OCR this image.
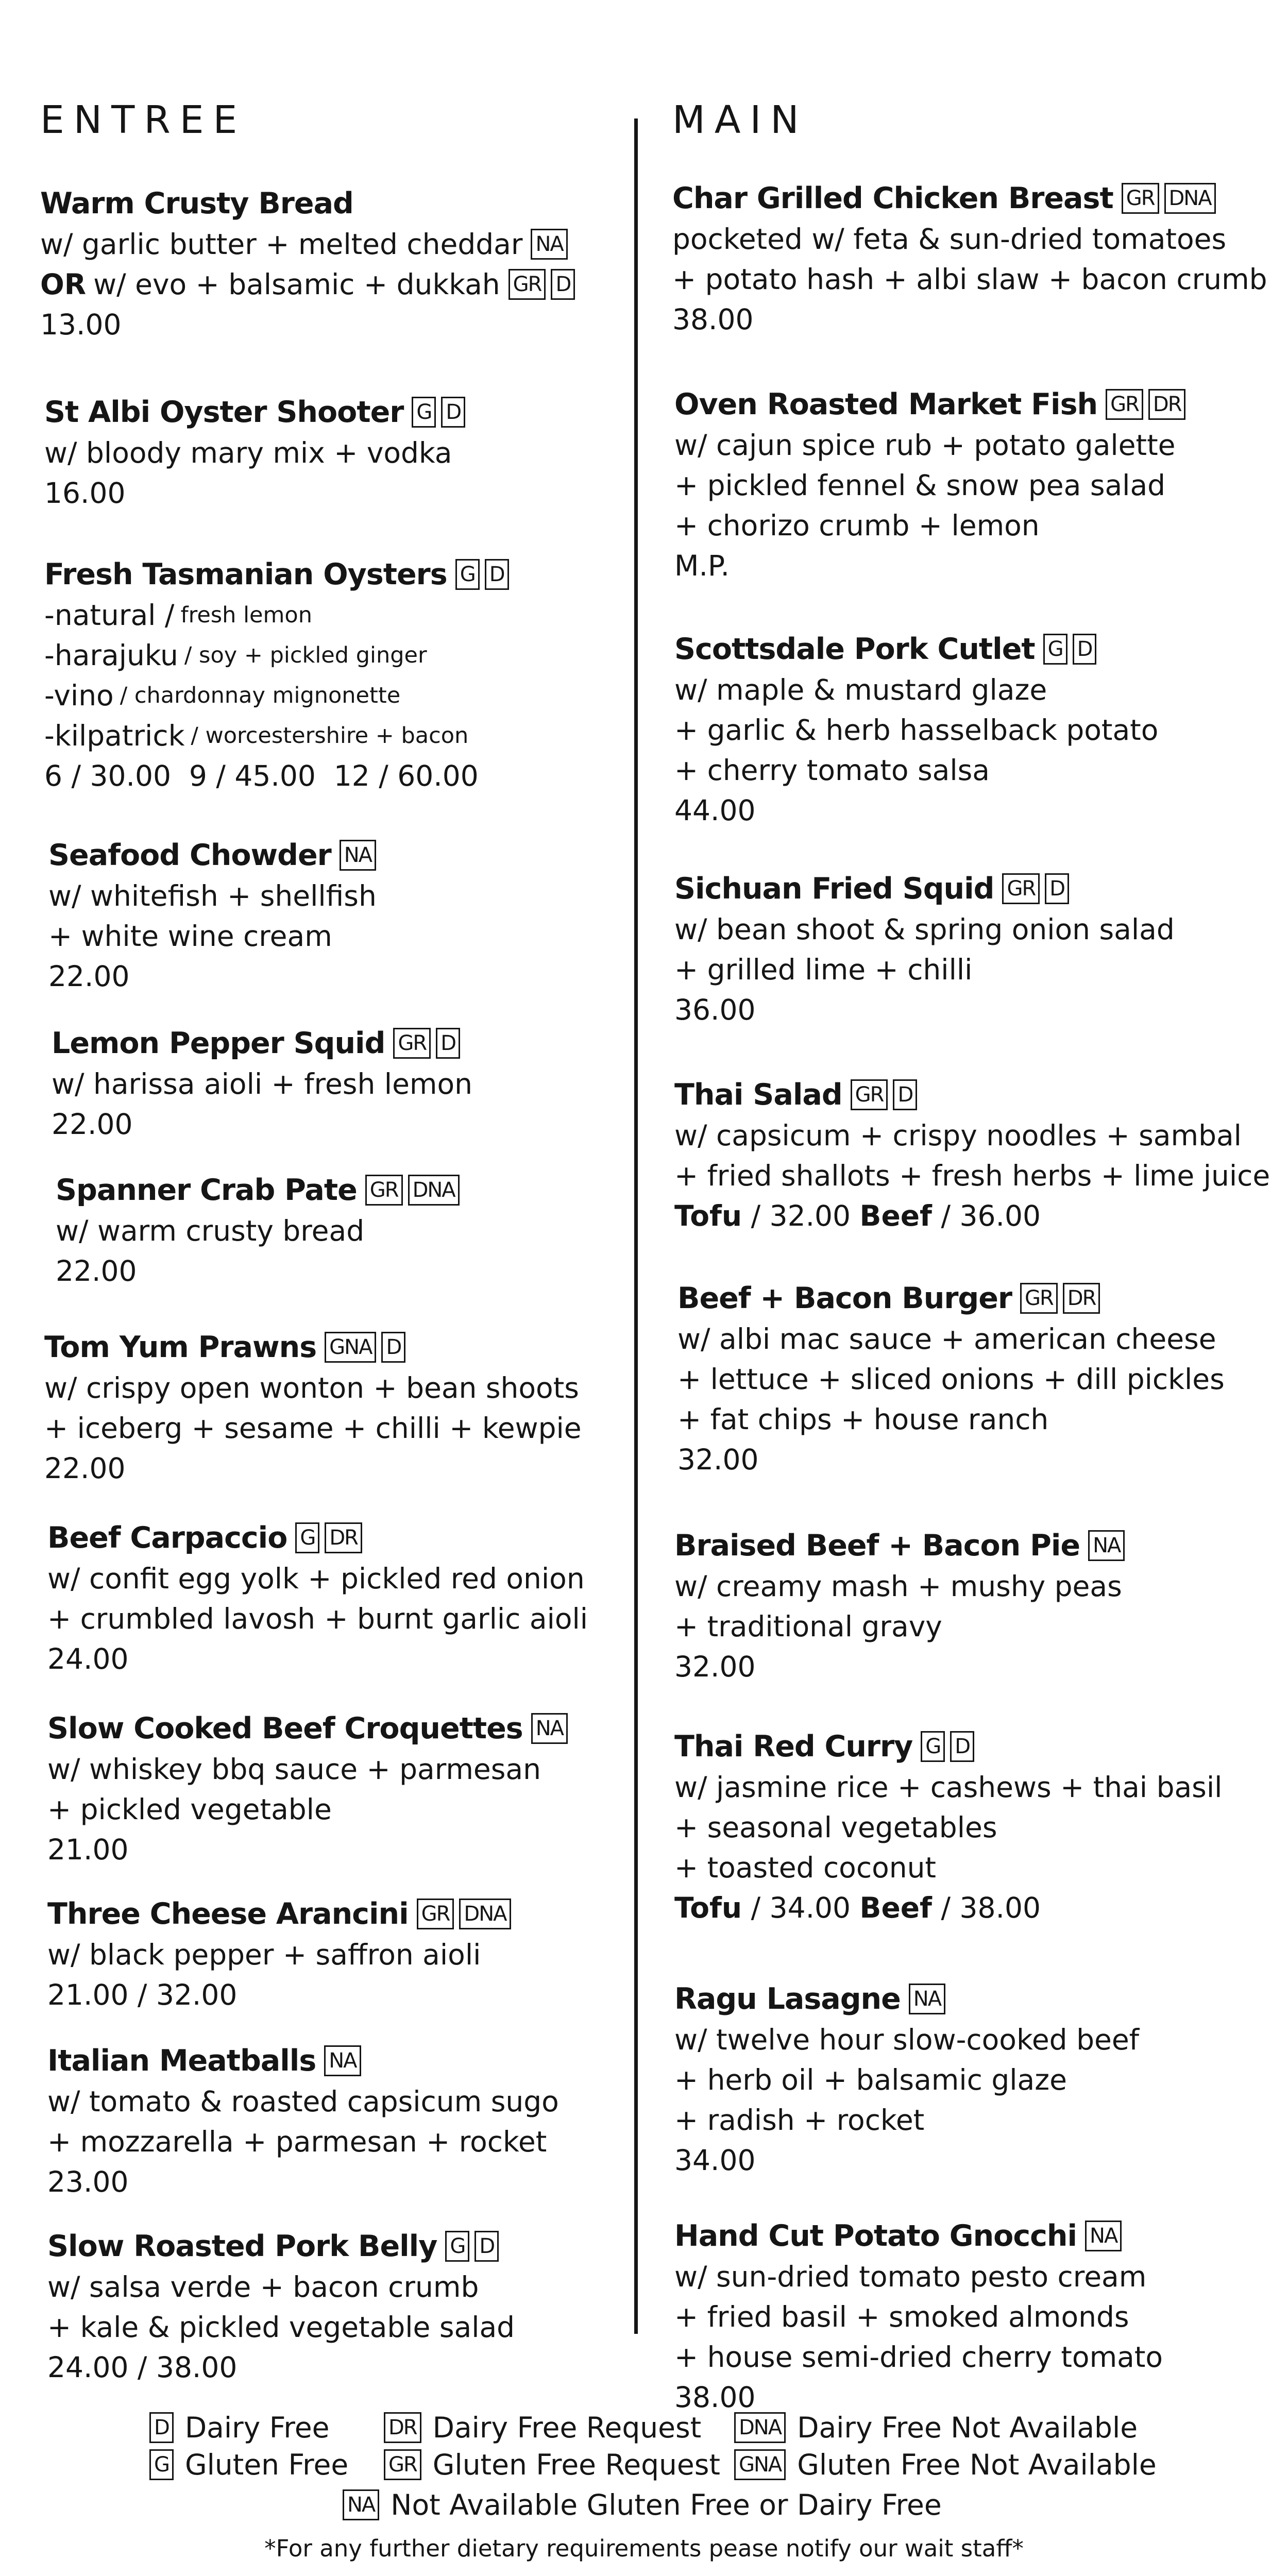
ENTREE
Warm Crusty Bread
w/ garlic butter + melted cheddar NA
OR w/ evo + balsamic + dukkah GR D
13.00
St Albi Oyster Shooter G D
w/ bloody mary mix + vodka
16.00
Fresh Tasmanian Oysters G D
-natural / fresh lemon
-harajuku / soy + pickled ginger
-vino / chardonnay mignonette
-kilpatrick / worcestershire + bacon
6 / 30.00  9 / 45.00  12 / 60.00
Seafood Chowder NA
w/ whitefish + shellfish
+ white wine cream
22.00
Lemon Pepper Squid GR D
w/ harissa aioli + fresh lemon
22.00
Spanner Crab Pate GR DNA
w/ warm crusty bread
22.00
Tom Yum Prawns GNA D
w/ crispy open wonton + bean shoots
+ iceberg + sesame + chilli + kewpie
22.00
Beef Carpaccio G DR
w/ confit egg yolk + pickled red onion
+ crumbled lavosh + burnt garlic aioli
24.00
Slow Cooked Beef Croquettes NA
w/ whiskey bbq sauce + parmesan
+ pickled vegetable
21.00
Three Cheese Arancini GR DNA
w/ black pepper + saffron aioli
21.00 / 32.00
Italian Meatballs NA
w/ tomato & roasted capsicum sugo
+ mozzarella + parmesan + rocket
23.00
Slow Roasted Pork Belly G D
w/ salsa verde + bacon crumb
+ kale & pickled vegetable salad
24.00 / 38.00
MAIN
Char Grilled Chicken Breast GR DNA
pocketed w/ feta & sun-dried tomatoes
+ potato hash + albi slaw + bacon crumb
38.00
Oven Roasted Market Fish GR DR
w/ cajun spice rub + potato galette
+ pickled fennel & snow pea salad
+ chorizo crumb + lemon
M.P.
Scottsdale Pork Cutlet G D
w/ maple & mustard glaze
+ garlic & herb hasselback potato
+ cherry tomato salsa
44.00
Sichuan Fried Squid GR D
w/ bean shoot & spring onion salad
+ grilled lime + chilli
36.00
Thai Salad GR D
w/ capsicum + crispy noodles + sambal
+ fried shallots + fresh herbs + lime juice
Tofu / 32.00 Beef / 36.00
Beef + Bacon Burger GR DR
w/ albi mac sauce + american cheese
+ lettuce + sliced onions + dill pickles
+ fat chips + house ranch
32.00
Braised Beef + Bacon Pie NA
w/ creamy mash + mushy peas
+ traditional gravy
32.00
Thai Red Curry G D
w/ jasmine rice + cashews + thai basil
+ seasonal vegetables
+ toasted coconut
Tofu / 34.00 Beef / 38.00
Ragu Lasagne NA
w/ twelve hour slow-cooked beef
+ herb oil + balsamic glaze
+ radish + rocket
34.00
Hand Cut Potato Gnocchi NA
w/ sun-dried tomato pesto cream
+ fried basil + smoked almonds
+ house semi-dried cherry tomato
38.00
D Dairy Free	DR Dairy Free Request DNA Dairy Free Not Available
G Gluten Free GR Gluten Free Request GNA Gluten Free Not Available
NA Not Available Gluten Free or Dairy Free
*For any further dietary requirements pease notify our wait staff*
